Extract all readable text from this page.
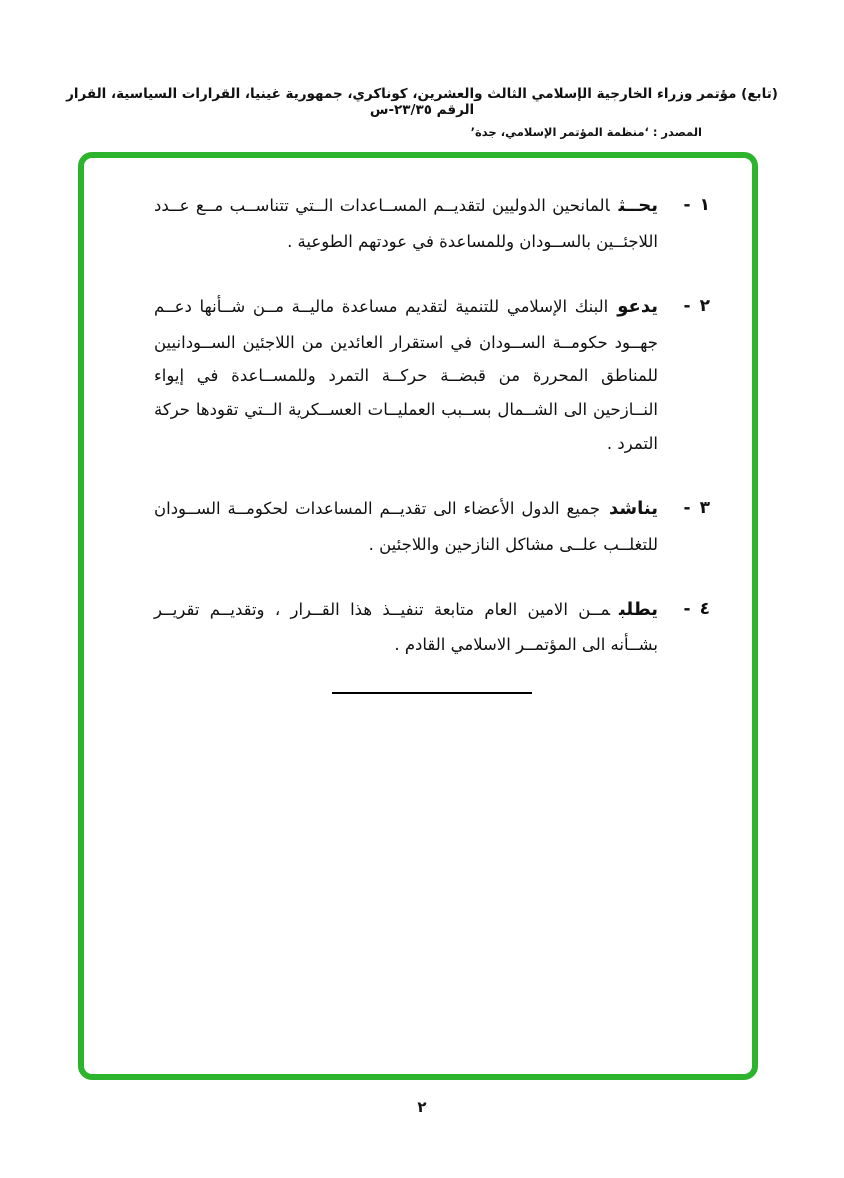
(تابع) مؤتمر وزراء الخارجية الإسلامي الثالث والعشرين، كوناكري، جمهورية غينيا، القرارات السياسية، القرار الرقم ٢٣/٣٥-س
المصدر : ‘منظمة المؤتمر الإسلامي، جدة’
١
-
يحــثالمانحين الدوليين لتقديــم المســاعدات الــتي تتناســب مــع عــدد اللاجئــين بالســودان وللمساعدة في عودتهم الطوعية .
٢
-
يدعوالبنك الإسلامي للتنمية لتقديم مساعدة ماليــة مــن شــأنها دعــم جهــود حكومــة الســودان في استقرار العائدين من اللاجئين الســودانيين للمناطق المحررة من قبضــة حركــة التمرد وللمســاعدة في إيواء النــازحين الى الشــمال بســبب العمليــات العســكرية الــتي تقودها حركة التمرد .
٣
-
يناشدجميع الدول الأعضاء الى تقديــم المساعدات لحكومــة الســودان للتغلــب علــى مشاكل النازحين واللاجئين .
٤
-
يطلبمــن الامين العام متابعة تنفيــذ هذا القــرار ، وتقديــم تقريــر بشــأنه الى المؤتمــر الاسلامي القادم .
٢
